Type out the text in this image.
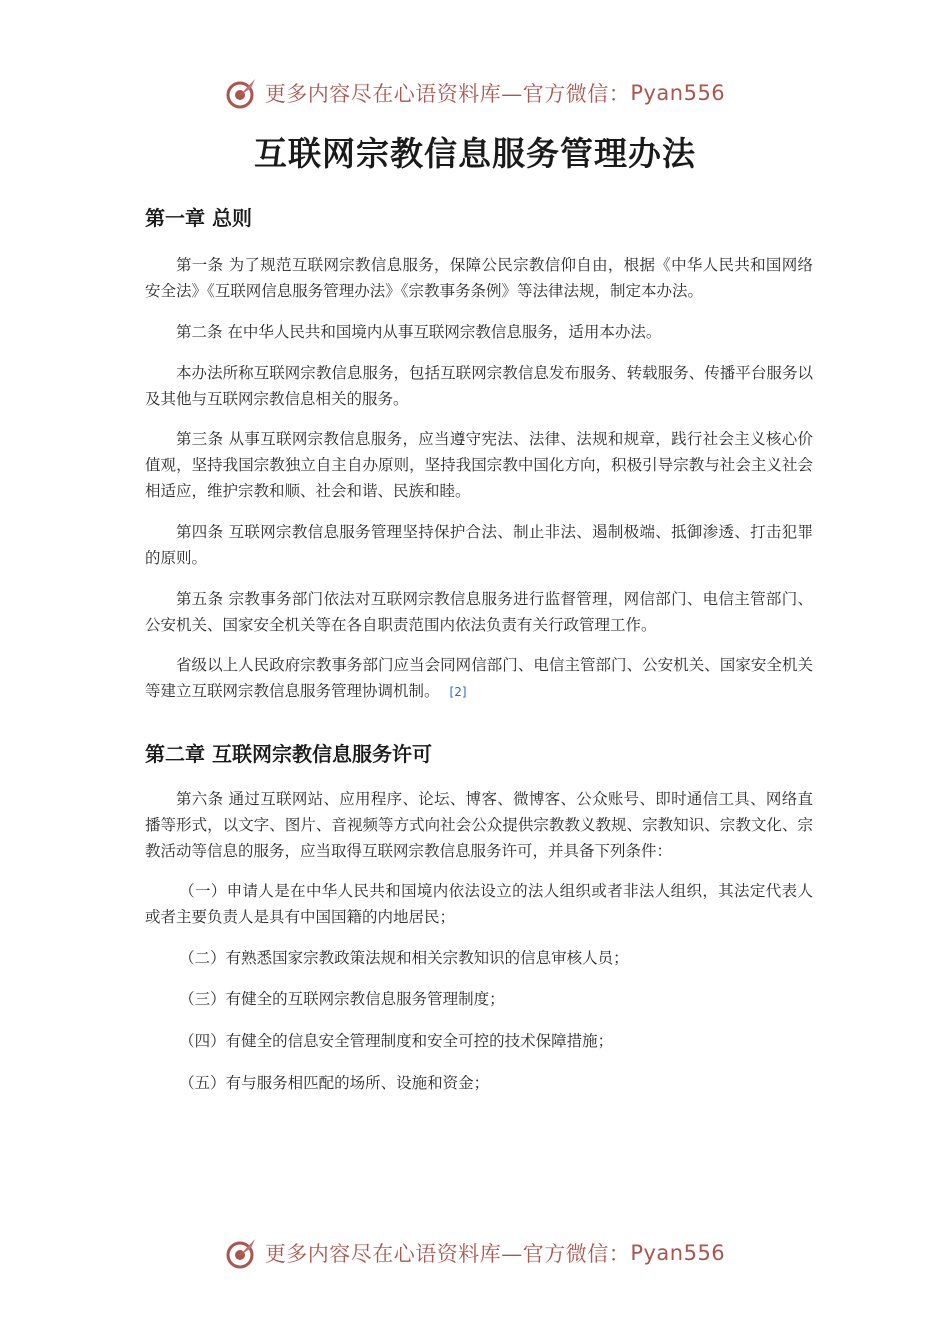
更多内容尽在心语资料库—官方微信： Pyan556
互联网宗教信息服务管理办法
第一章 总则

第一条 为了规范互联网宗教信息服务，保障公民宗教信仰自由，根据《中华人民共和国网络安全法》《互联网信息服务管理办法》《宗教事务条例》等法律法规，制定本办法。

第二条 在中华人民共和国境内从事互联网宗教信息服务，适用本办法。

本办法所称互联网宗教信息服务，包括互联网宗教信息发布服务、转载服务、传播平台服务以及其他与互联网宗教信息相关的服务。

第三条 从事互联网宗教信息服务，应当遵守宪法、法律、法规和规章，践行社会主义核心价值观，坚持我国宗教独立自主自办原则，坚持我国宗教中国化方向，积极引导宗教与社会主义社会相适应，维护宗教和顺、社会和谐、民族和睦。

第四条 互联网宗教信息服务管理坚持保护合法、制止非法、遏制极端、抵御渗透、打击犯罪的原则。

第五条 宗教事务部门依法对互联网宗教信息服务进行监督管理，网信部门、电信主管部门、公安机关、国家安全机关等在各自职责范围内依法负责有关行政管理工作。

省级以上人民政府宗教事务部门应当会同网信部门、电信主管部门、公安机关、国家安全机关等建立互联网宗教信息服务管理协调机制。 [2]

第二章 互联网宗教信息服务许可

第六条 通过互联网站、应用程序、论坛、博客、微博客、公众账号、即时通信工具、网络直播等形式，以文字、图片、音视频等方式向社会公众提供宗教教义教规、宗教知识、宗教文化、宗教活动等信息的服务，应当取得互联网宗教信息服务许可，并具备下列条件：

（一）申请人是在中华人民共和国境内依法设立的法人组织或者非法人组织，其法定代表人或者主要负责人是具有中国国籍的内地居民；

（二）有熟悉国家宗教政策法规和相关宗教知识的信息审核人员；

（三）有健全的互联网宗教信息服务管理制度；

（四）有健全的信息安全管理制度和安全可控的技术保障措施；

（五）有与服务相匹配的场所、设施和资金；

更多内容尽在心语资料库—官方微信： Pyan556
